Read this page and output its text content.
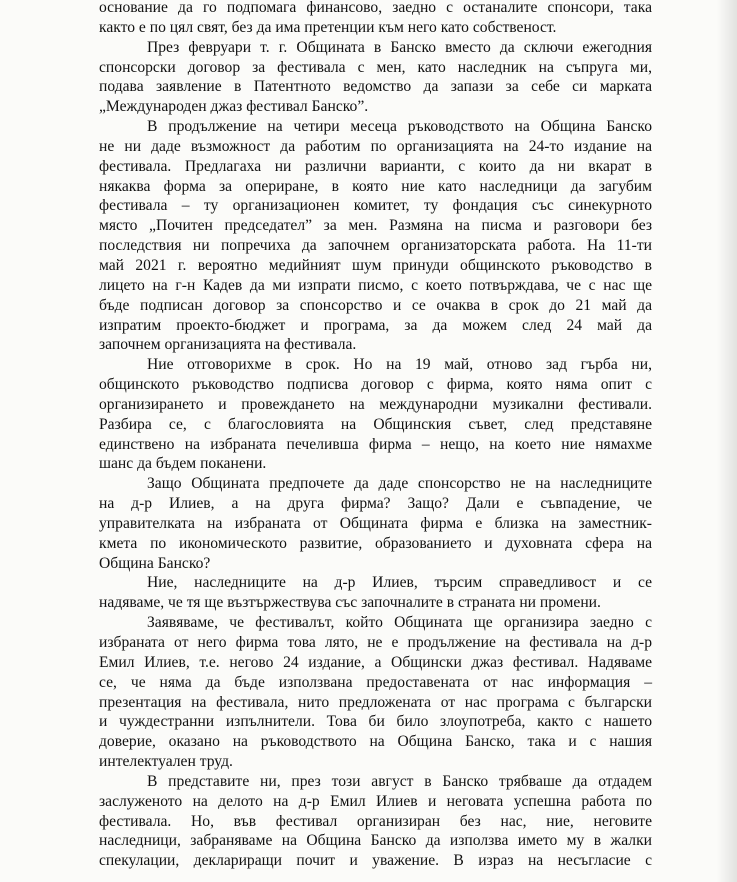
основание да го подпомага финансово, заедно с останалите спонсори, така
както е по цял свят, без да има претенции към него като собственост.
През февруари т. г. Общината в Банско вместо да сключи ежегодния
спонсорски договор за фестивала с мен, като наследник на съпруга ми,
подава заявление в Патентното ведомство да запази за себе си марката
„Международен джаз фестивал Банско”.
В продължение на четири месеца ръководството на Община Банско
не ни даде възможност да работим по организацията на 24-то издание на
фестивала. Предлагаха ни различни варианти, с които да ни вкарат в
някаква форма за опериране, в която ние като наследници да загубим
фестивала – ту организационен комитет, ту фондация със синекурното
място „Почитен председател” за мен. Размяна на писма и разговори без
последствия ни попречиха да започнем организаторската работа. На 11-ти
май 2021 г. вероятно медийният шум принуди общинското ръководство в
лицето на г-н Кадев да ми изпрати писмо, с което потвърждава, че с нас ще
бъде подписан договор за спонсорство и се очаква в срок до 21 май да
изпратим проекто-бюджет и програма, за да можем след 24 май да
започнем организацията на фестивала.
Ние отговорихме в срок. Но на 19 май, отново зад гърба ни,
общинското ръководство подписва договор с фирма, която няма опит с
организирането и провеждането на международни музикални фестивали.
Разбира се, с благословията на Общинския съвет, след представяне
единствено на избраната печеливша фирма – нещо, на което ние нямахме
шанс да бъдем поканени.
Защо Общината предпочете да даде спонсорство не на наследниците
на д-р Илиев, а на друга фирма? Защо? Дали е съвпадение, че
управителката на избраната от Общината фирма е близка на заместник-
кмета по икономическото развитие, образованието и духовната сфера на
Община Банско?
Ние, наследниците на д-р Илиев, търсим справедливост и се
надяваме, че тя ще възтържествува със започналите в страната ни промени.
Заявяваме, че фестивалът, който Общината ще организира заедно с
избраната от него фирма това лято, не е продължение на фестивала на д-р
Емил Илиев, т.е. негово 24 издание, а Общински джаз фестивал. Надяваме
се, че няма да бъде използвана предоставената от нас информация –
презентация на фестивала, нито предложената от нас програма с български
и чуждестранни изпълнители. Това би било злоупотреба, както с нашето
доверие, оказано на ръководството на Община Банско, така и с нашия
интелектуален труд.
В представите ни, през този август в Банско трябваше да отдадем
заслуженото на делото на д-р Емил Илиев и неговата успешна работа по
фестивала. Но, във фестивал организиран без нас, ние, неговите
наследници, забраняваме на Община Банско да използва името му в жалки
спекулации, деклариращи почит и уважение. В израз на несъгласие с
